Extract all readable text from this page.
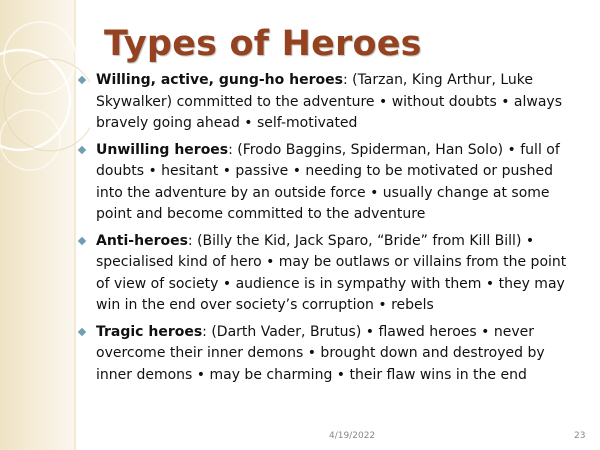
Types of Heroes
Willing, active, gung-ho heroes: (Tarzan, King Arthur, Luke Skywalker) committed to the adventure • without doubts • always bravely going ahead • self-motivated
Unwilling heroes: (Frodo Baggins, Spiderman, Han Solo) • full of doubts • hesitant • passive • needing to be motivated or pushed into the adventure by an outside force • usually change at some point and become committed to the adventure
Anti-heroes: (Billy the Kid, Jack Sparo, “Bride” from Kill Bill) • specialised kind of hero • may be outlaws or villains from the point of view of society • audience is in sympathy with them • they may win in the end over society’s corruption • rebels
Tragic heroes: (Darth Vader, Brutus) • flawed heroes • never overcome their inner demons • brought down and destroyed by inner demons • may be charming • their flaw wins in the end
4/19/2022	23
